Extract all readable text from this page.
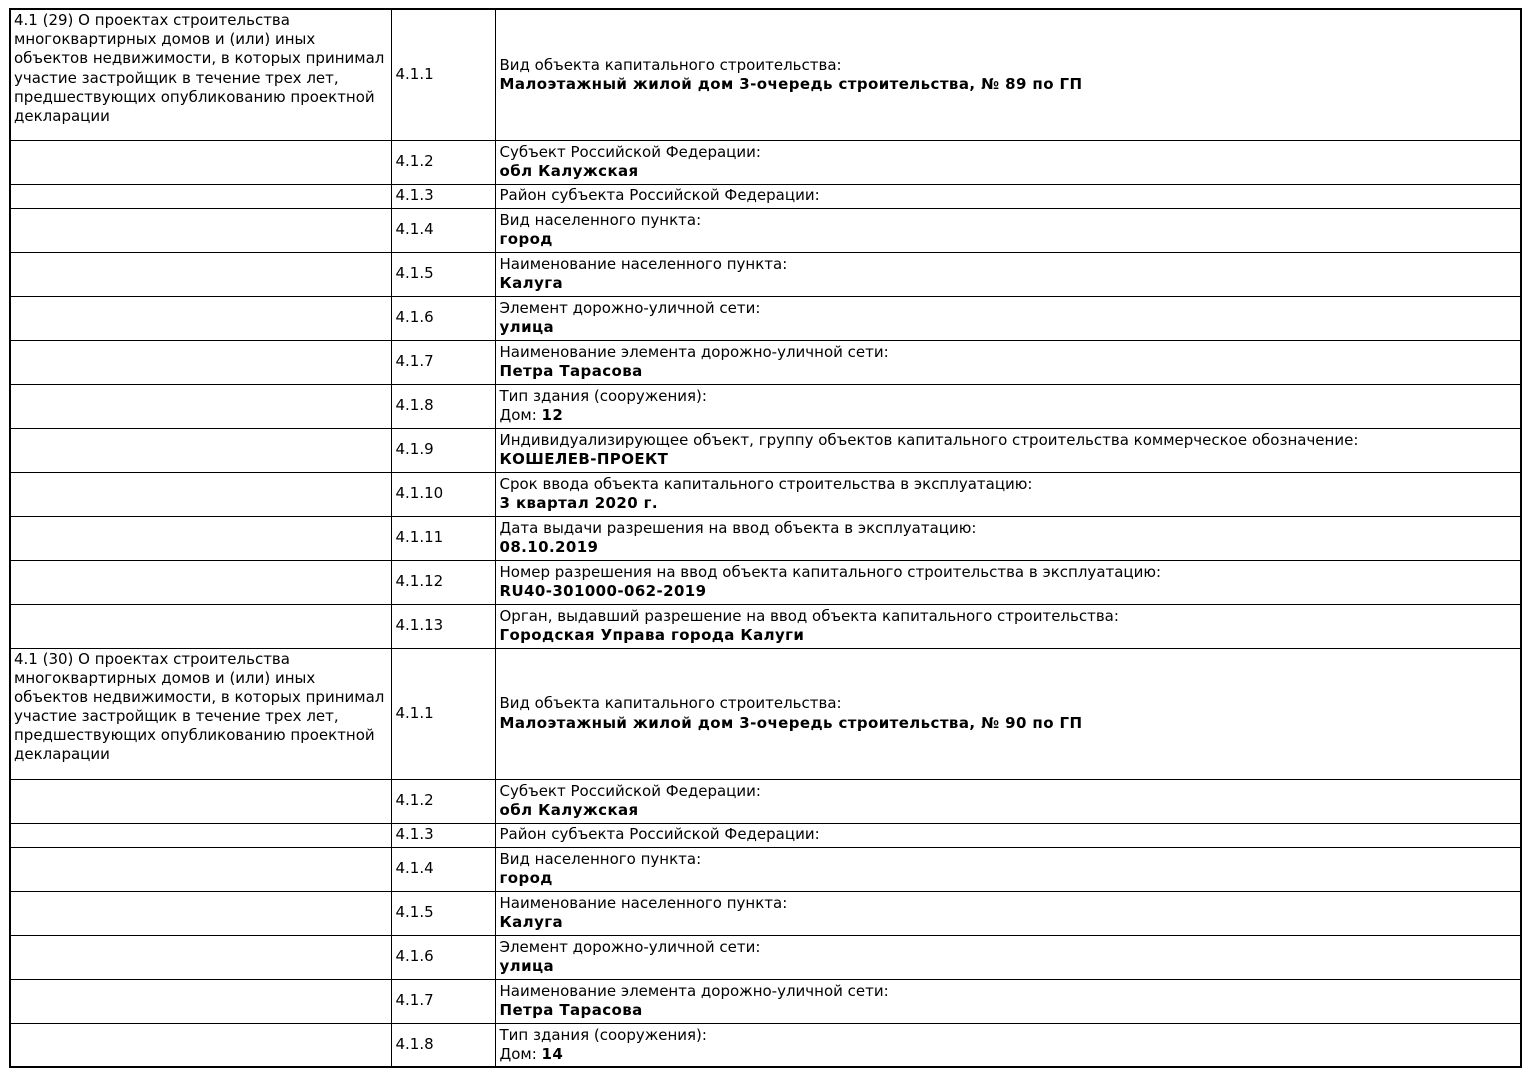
4.1 (29) О проектах строительства многоквартирных домов и (или) иных объектов недвижимости, в которых принимал участие застройщик в течение трех лет, предшествующих опубликованию проектной декларации	4.1.1	Вид объекта капитального строительства:
Малоэтажный жилой дом 3-очередь строительства, № 89 по ГП

	4.1.2	Субъект Российской Федерации:
обл Калужская

	4.1.3	Район субъекта Российской Федерации:

	4.1.4	Вид населенного пункта:
город

	4.1.5	Наименование населенного пункта:
Калуга

	4.1.6	Элемент дорожно-уличной сети:
улица

	4.1.7	Наименование элемента дорожно-уличной сети:
Петра Тарасова

	4.1.8	Тип здания (сооружения):
Дом: 12

	4.1.9	Индивидуализирующее объект, группу объектов капитального строительства коммерческое обозначение:
КОШЕЛЕВ-ПРОЕКТ

	4.1.10	Срок ввода объекта капитального строительства в эксплуатацию:
3 квартал 2020 г.

	4.1.11	Дата выдачи разрешения на ввод объекта в эксплуатацию:
08.10.2019

	4.1.12	Номер разрешения на ввод объекта капитального строительства в эксплуатацию:
RU40-301000-062-2019

	4.1.13	Орган, выдавший разрешение на ввод объекта капитального строительства:
Городская Управа города Калуги

4.1 (30) О проектах строительства многоквартирных домов и (или) иных объектов недвижимости, в которых принимал участие застройщик в течение трех лет, предшествующих опубликованию проектной декларации	4.1.1	Вид объекта капитального строительства:
Малоэтажный жилой дом 3-очередь строительства, № 90 по ГП

	4.1.2	Субъект Российской Федерации:
обл Калужская

	4.1.3	Район субъекта Российской Федерации:

	4.1.4	Вид населенного пункта:
город

	4.1.5	Наименование населенного пункта:
Калуга

	4.1.6	Элемент дорожно-уличной сети:
улица

	4.1.7	Наименование элемента дорожно-уличной сети:
Петра Тарасова

	4.1.8	Тип здания (сооружения):
Дом: 14
